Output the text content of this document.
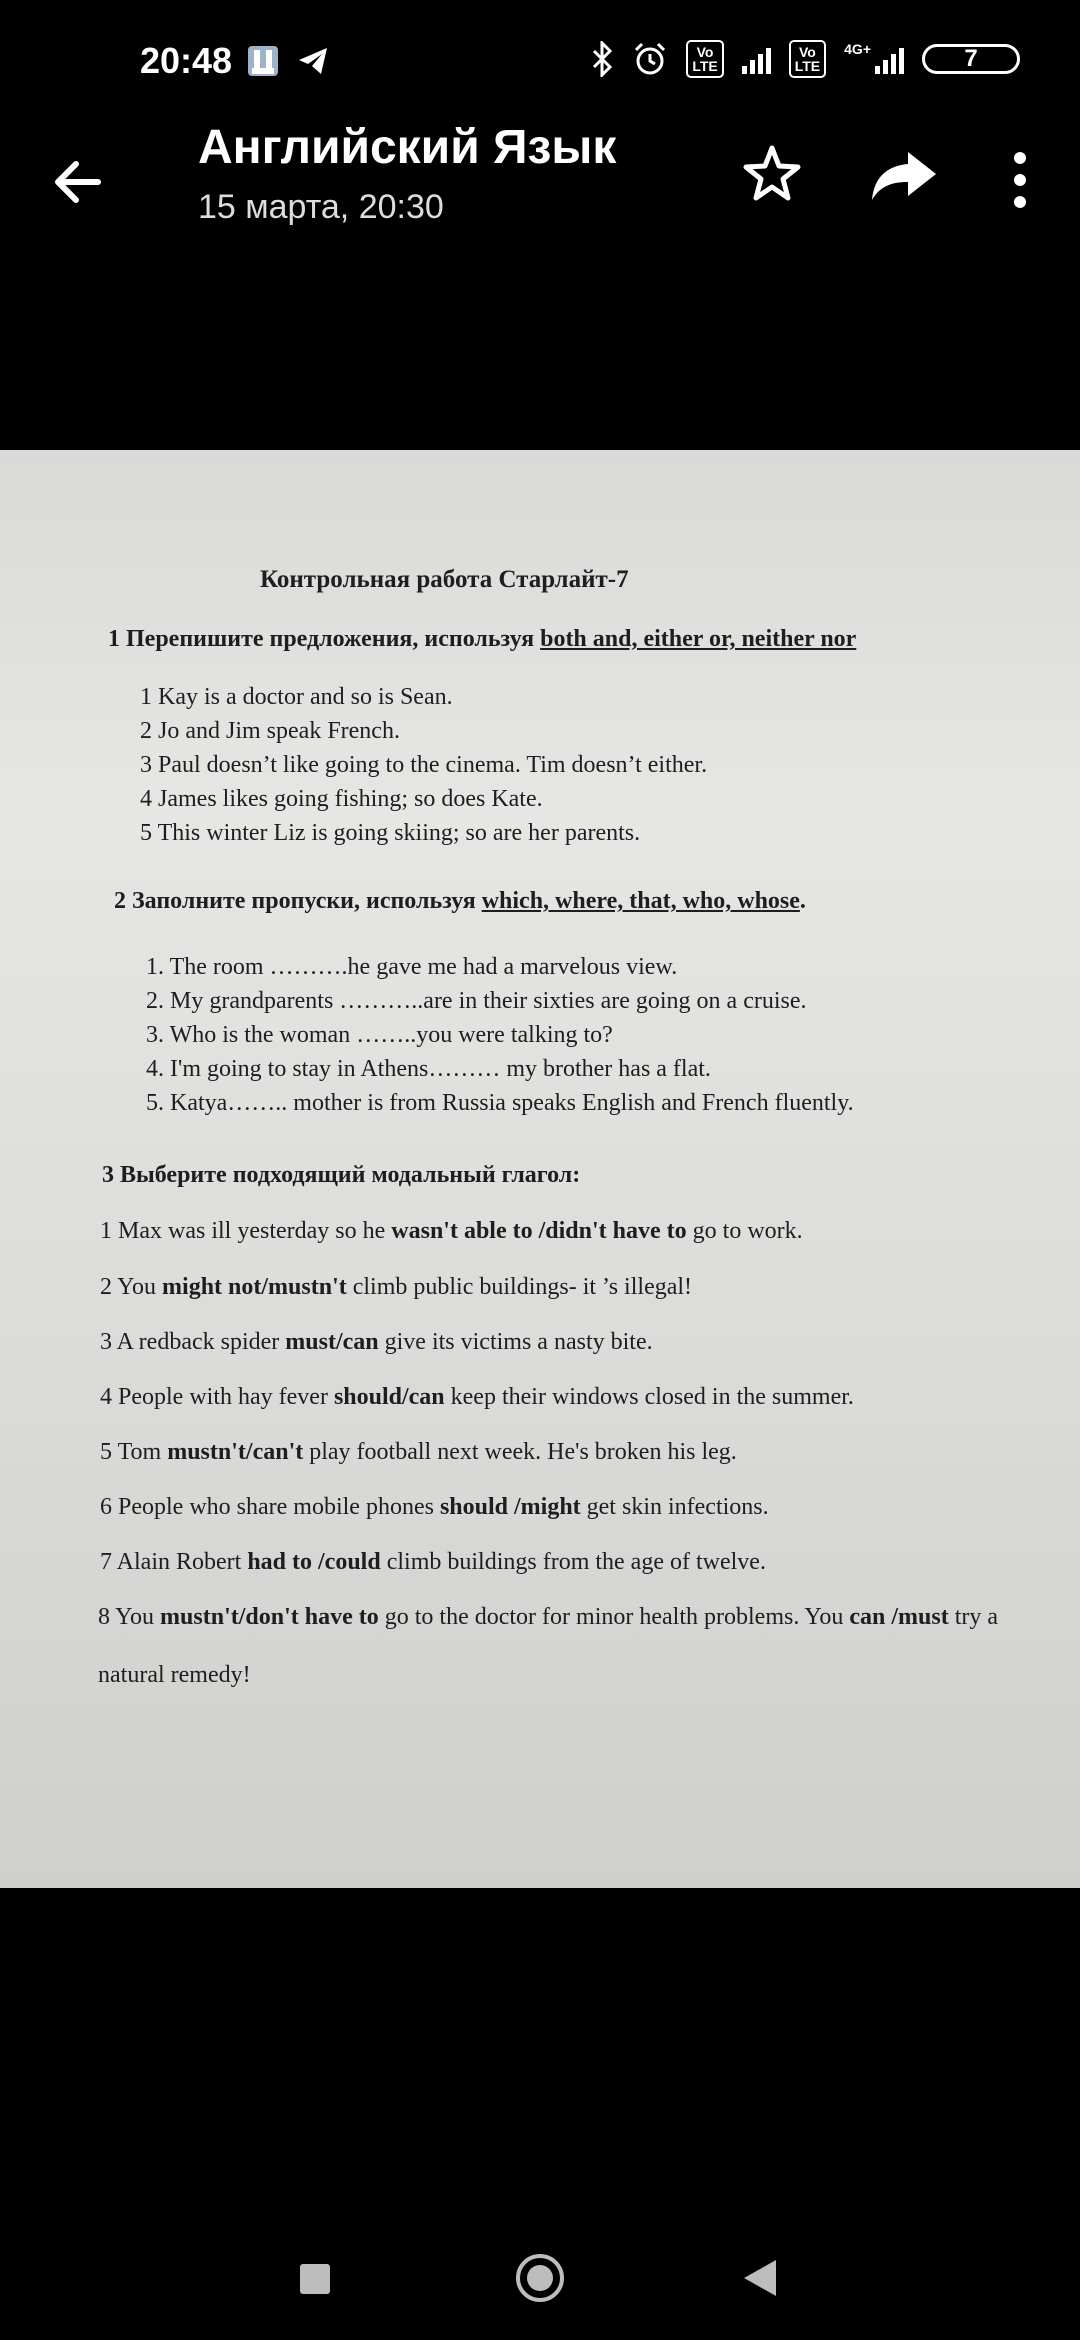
20:48	Vo
LTE
Vo
LTE
4G+	7
Английский Язык
15 марта, 20:30
Контрольная работа Старлайт-7
1 Перепишите предложения, используя both and, either or, neither nor
1 Kay is a doctor and so is Sean.
2 Jo and Jim speak French.
3 Paul doesn’t like going to the cinema. Tim doesn’t either.
4 James likes going fishing; so does Kate.
5 This winter Liz is going skiing; so are her parents.
2 Заполните пропуски, используя which, where, that, who, whose.
1. The room ……….he gave me had a marvelous view.
2. My grandparents ………..are in their sixties are going on a cruise.
3. Who is the woman ……..you were talking to?
4. I'm going to stay in Athens……… my brother has a flat.
5. Katya…….. mother is from Russia speaks English and French fluently.
3 Выберите подходящий модальный глагол:
1 Max was ill yesterday so he wasn't able to /didn't have to go to work.
2 You might not/mustn't climb public buildings- it ’s illegal!
3 A redback spider must/can give its victims a nasty bite.
4 People with hay fever should/can keep their windows closed in the summer.
5 Tom mustn't/can't play football next week. He's broken his leg.
6 People who share mobile phones should /might get skin infections.
7 Alain Robert had to /could climb buildings from the age of twelve.
8 You mustn't/don't have to go to the doctor for minor health problems. You can /must try a
natural remedy!
